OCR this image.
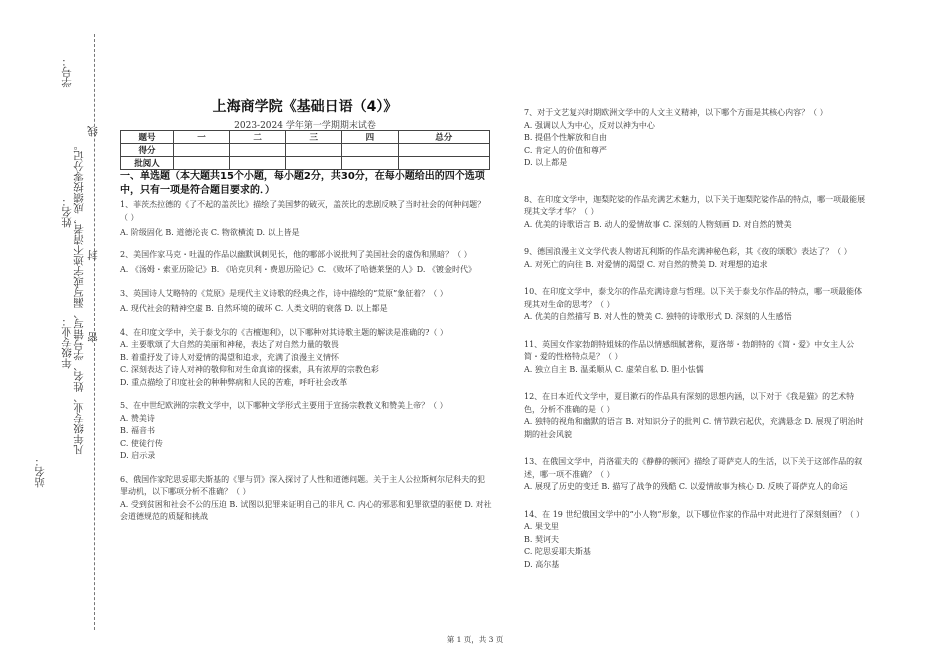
学号：
凡年级专业、姓名、学号错写、漏写或字迹不清者，成绩按零分记。 密
封
线
姓名：
年级专业：
站名：
上海商学院《基础日语（4）》
2023-2024 学年第一学期期末试卷
题号	一	二	三	四	总分
得分					
批阅人					
一、单选题（本大题共15个小题，每小题2分，共30分，在每小题给出的四个选项中，只有一项是符合题目要求的．）

1、菲茨杰拉德的《了不起的盖茨比》描绘了美国梦的破灭，盖茨比的悲剧反映了当时社会的何种问题？（ ）

A. 阶级固化 B. 道德沦丧 C. 物欲横流 D. 以上皆是

2、美国作家马克・吐温的作品以幽默讽刺见长，他的哪部小说批判了美国社会的虚伪和黑暗？（ ）

A. 《汤姆・索亚历险记》B. 《哈克贝利・费恩历险记》C. 《败坏了哈德莱堡的人》D. 《镀金时代》

3、英国诗人艾略特的《荒原》是现代主义诗歌的经典之作，诗中描绘的“荒原”象征着？（ ）

A. 现代社会的精神空虚 B. 自然环境的破坏 C. 人类文明的衰落 D. 以上都是

4、在印度文学中，关于泰戈尔的《吉檀迦利》，以下哪种对其诗歌主题的解读是准确的?（ ）

A. 主要歌颂了大自然的美丽和神秘，表达了对自然力量的敬畏

B. 着重抒发了诗人对爱情的渴望和追求，充满了浪漫主义情怀

C. 深刻表达了诗人对神的敬仰和对生命真谛的探索，具有浓厚的宗教色彩

D. 重点描绘了印度社会的种种弊病和人民的苦难，呼吁社会改革

5、在中世纪欧洲的宗教文学中，以下哪种文学形式主要用于宣扬宗教教义和赞美上帝？（ ）

A. 赞美诗

B. 福音书

C. 使徒行传

D. 启示录

6、俄国作家陀思妥耶夫斯基的《罪与罚》深入探讨了人性和道德问题。关于主人公拉斯柯尔尼科夫的犯罪动机，以下哪项分析不准确？（ ）

A. 受到贫困和社会不公的压迫 B. 试图以犯罪来证明自己的非凡 C. 内心的邪恶和犯罪欲望的驱使 D. 对社会道德规范的质疑和挑战

7、对于文艺复兴时期欧洲文学中的人文主义精神，以下哪个方面是其核心内容？（ ）

A. 强调以人为中心，反对以神为中心

B. 提倡个性解放和自由

C. 肯定人的价值和尊严

D. 以上都是

8、在印度文学中，迦梨陀娑的作品充满艺术魅力，以下关于迦梨陀娑作品的特点，哪一项最能展现其文学才华？（ ）

A. 优美的诗歌语言 B. 动人的爱情故事 C. 深刻的人物刻画 D. 对自然的赞美

9、德国浪漫主义文学代表人物诺瓦利斯的作品充满神秘色彩，其《夜的颂歌》表达了？（ ）

A. 对死亡的向往 B. 对爱情的渴望 C. 对自然的赞美 D. 对理想的追求

10、在印度文学中，泰戈尔的作品充满诗意与哲理。以下关于泰戈尔作品的特点，哪一项最能体现其对生命的思考？（ ）

A. 优美的自然描写 B. 对人性的赞美 C. 独特的诗歌形式 D. 深刻的人生感悟

11、英国女作家勃朗特姐妹的作品以情感细腻著称，夏洛蒂・勃朗特的《简・爱》中女主人公简・爱的性格特点是？（ ）

A. 独立自主 B. 温柔顺从 C. 虚荣自私 D. 胆小怯懦

12、在日本近代文学中，夏目漱石的作品具有深刻的思想内涵，以下对于《我是猫》的艺术特色，分析不准确的是（ ）

A. 独特的视角和幽默的语言 B. 对知识分子的批判 C. 情节跌宕起伏，充满悬念 D. 展现了明治时期的社会风貌

13、在俄国文学中，肖洛霍夫的《静静的顿河》描绘了哥萨克人的生活，以下关于这部作品的叙述，哪一项不准确？（ ）

A. 展现了历史的变迁 B. 描写了战争的残酷 C. 以爱情故事为核心 D. 反映了哥萨克人的命运

14、在 19 世纪俄国文学中的“小人物”形象，以下哪位作家的作品中对此进行了深刻刻画？（ ）

A. 果戈里

B. 契诃夫

C. 陀思妥耶夫斯基

D. 高尔基

第 1 页，共 3 页
